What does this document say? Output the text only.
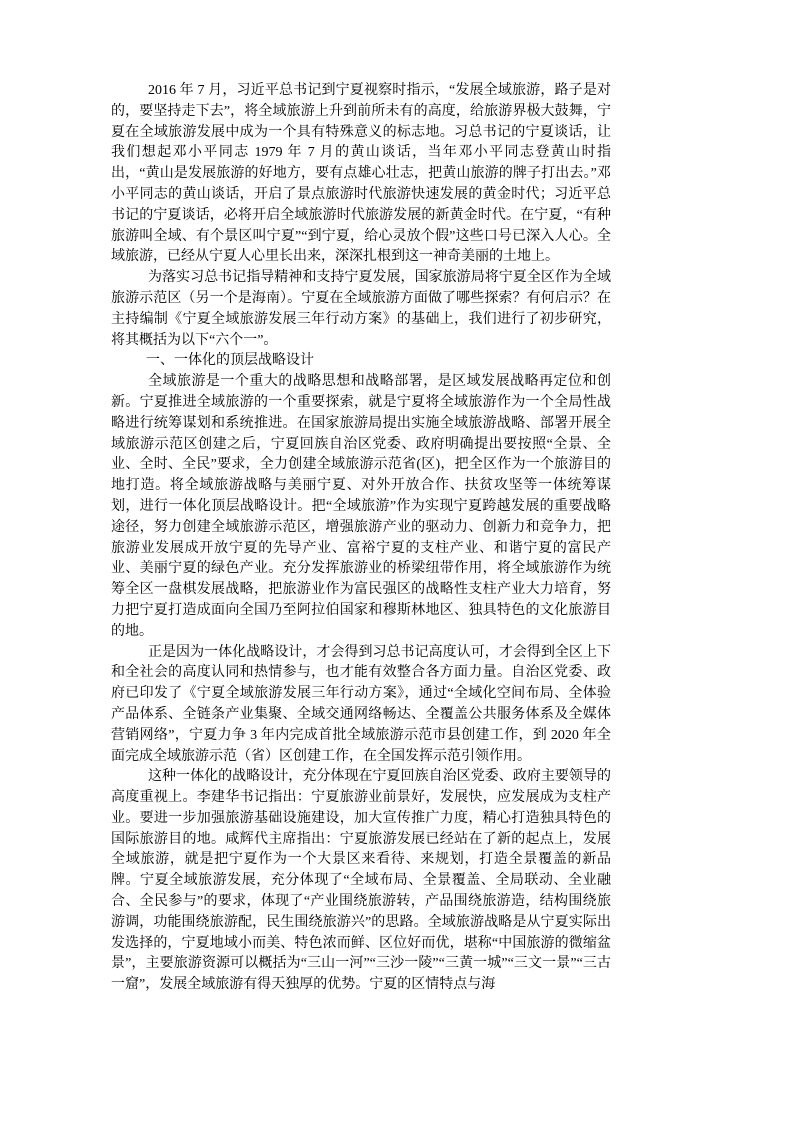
2016 年 7 月，习近平总书记到宁夏视察时指示，“发展全域旅游，路子是对的，要坚持走下去”，将全域旅游上升到前所未有的高度，给旅游界极大鼓舞，宁夏在全域旅游发展中成为一个具有特殊意义的标志地。习总书记的宁夏谈话，让我们想起邓小平同志 1979 年 7 月的黄山谈话，当年邓小平同志登黄山时指出，“黄山是发展旅游的好地方，要有点雄心壮志，把黄山旅游的牌子打出去。”邓小平同志的黄山谈话，开启了景点旅游时代旅游快速发展的黄金时代；习近平总书记的宁夏谈话，必将开启全域旅游时代旅游发展的新黄金时代。在宁夏，“有种旅游叫全域、有个景区叫宁夏”“到宁夏，给心灵放个假”这些口号已深入人心。全域旅游，已经从宁夏人心里长出来，深深扎根到这一神奇美丽的土地上。

为落实习总书记指导精神和支持宁夏发展，国家旅游局将宁夏全区作为全域旅游示范区（另一个是海南）。宁夏在全域旅游方面做了哪些探索？有何启示？在主持编制《宁夏全域旅游发展三年行动方案》的基础上，我们进行了初步研究，将其概括为以下“六个一”。

一、一体化的顶层战略设计

全域旅游是一个重大的战略思想和战略部署，是区域发展战略再定位和创新。宁夏推进全域旅游的一个重要探索，就是宁夏将全域旅游作为一个全局性战略进行统筹谋划和系统推进。在国家旅游局提出实施全域旅游战略、部署开展全域旅游示范区创建之后，宁夏回族自治区党委、政府明确提出要按照“全景、全业、全时、全民”要求，全力创建全域旅游示范省(区)，把全区作为一个旅游目的地打造。将全域旅游战略与美丽宁夏、对外开放合作、扶贫攻坚等一体统筹谋划，进行一体化顶层战略设计。把“全域旅游”作为实现宁夏跨越发展的重要战略途径，努力创建全域旅游示范区，增强旅游产业的驱动力、创新力和竞争力，把旅游业发展成开放宁夏的先导产业、富裕宁夏的支柱产业、和谐宁夏的富民产业、美丽宁夏的绿色产业。充分发挥旅游业的桥梁纽带作用，将全域旅游作为统筹全区一盘棋发展战略，把旅游业作为富民强区的战略性支柱产业大力培育，努力把宁夏打造成面向全国乃至阿拉伯国家和穆斯林地区、独具特色的文化旅游目的地。

正是因为一体化战略设计，才会得到习总书记高度认可，才会得到全区上下和全社会的高度认同和热情参与，也才能有效整合各方面力量。自治区党委、政府已印发了《宁夏全域旅游发展三年行动方案》，通过“全域化空间布局、全体验产品体系、全链条产业集聚、全域交通网络畅达、全覆盖公共服务体系及全媒体营销网络”，宁夏力争 3 年内完成首批全域旅游示范市县创建工作，到 2020 年全面完成全域旅游示范（省）区创建工作，在全国发挥示范引领作用。

这种一体化的战略设计，充分体现在宁夏回族自治区党委、政府主要领导的高度重视上。李建华书记指出：宁夏旅游业前景好，发展快，应发展成为支柱产业。要进一步加强旅游基础设施建设，加大宣传推广力度，精心打造独具特色的国际旅游目的地。咸辉代主席指出：宁夏旅游发展已经站在了新的起点上，发展全域旅游，就是把宁夏作为一个大景区来看待、来规划，打造全景覆盖的新品牌。宁夏全域旅游发展，充分体现了“全域布局、全景覆盖、全局联动、全业融合、全民参与”的要求，体现了“产业围绕旅游转，产品围绕旅游造，结构围绕旅游调，功能围绕旅游配，民生围绕旅游兴”的思路。全域旅游战略是从宁夏实际出发选择的，宁夏地域小而美、特色浓而鲜、区位好而优，堪称“中国旅游的微缩盆景”，主要旅游资源可以概括为“三山一河”“三沙一陵”“三黄一城”“三文一景”“三古一窟”，发展全域旅游有得天独厚的优势。宁夏的区情特点与海
